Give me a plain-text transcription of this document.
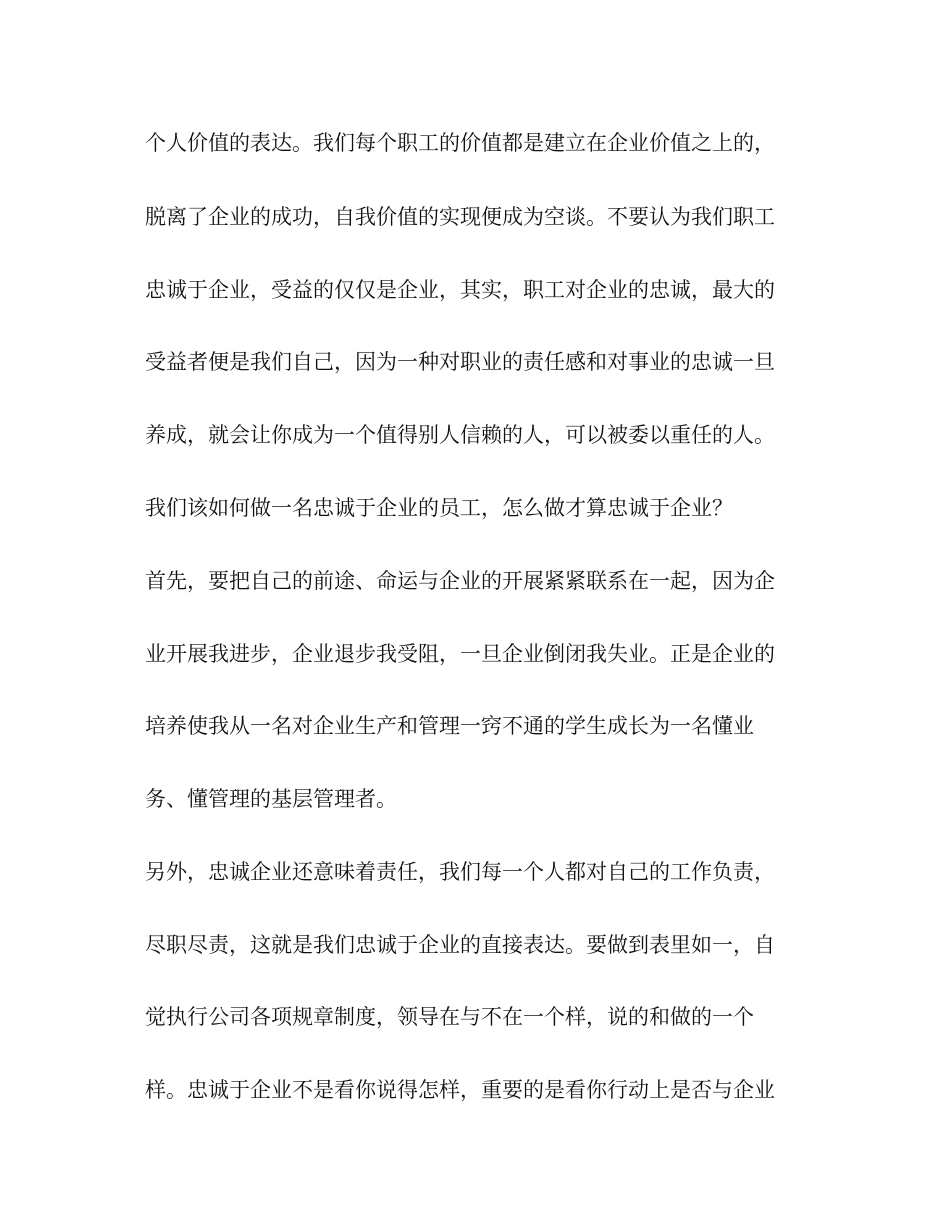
个人价值的表达。我们每个职工的价值都是建立在企业价值之上的，
脱离了企业的成功，自我价值的实现便成为空谈。不要认为我们职工
忠诚于企业，受益的仅仅是企业，其实，职工对企业的忠诚，最大的
受益者便是我们自己，因为一种对职业的责任感和对事业的忠诚一旦
养成，就会让你成为一个值得别人信赖的人，可以被委以重任的人。
我们该如何做一名忠诚于企业的员工，怎么做才算忠诚于企业？
首先，要把自己的前途、命运与企业的开展紧紧联系在一起，因为企
业开展我进步，企业退步我受阻，一旦企业倒闭我失业。正是企业的
培养使我从一名对企业生产和管理一窍不通的学生成长为一名懂业
务、懂管理的基层管理者。
另外，忠诚企业还意味着责任，我们每一个人都对自己的工作负责，
尽职尽责，这就是我们忠诚于企业的直接表达。要做到表里如一，自
觉执行公司各项规章制度，领导在与不在一个样，说的和做的一个
样。忠诚于企业不是看你说得怎样，重要的是看你行动上是否与企业
